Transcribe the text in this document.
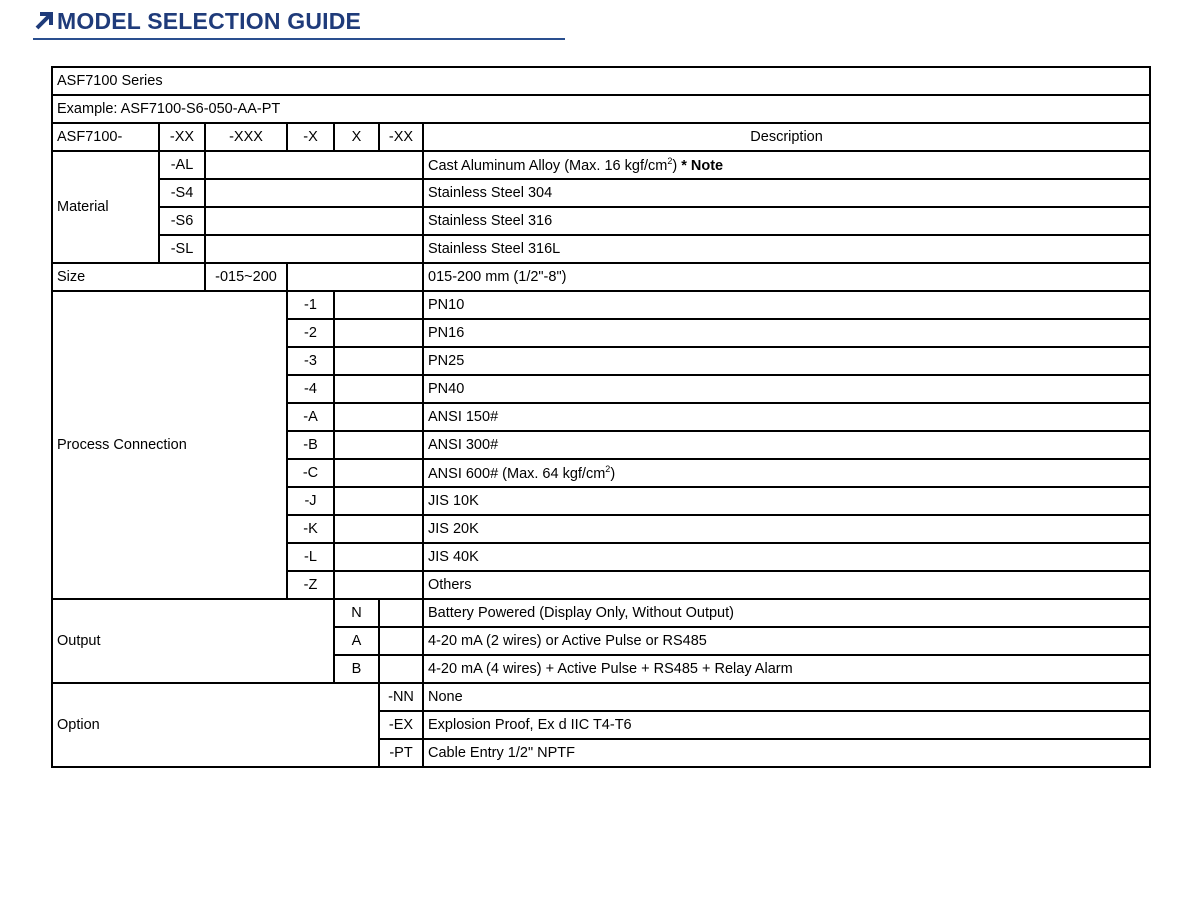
MODEL SELECTION GUIDE
ASF7100 Series						
Example: ASF7100-S6-050-AA-PT						
ASF7100-	-XX	-XXX	-X	X	-XX	Description
Material	-AL					Cast Aluminum Alloy (Max. 16 kgf/$cm^2$) * Note
	-S4					Stainless Steel 304
	-S6					Stainless Steel 316
	-SL					Stainless Steel 316L
Size		-015~200				015-200 mm (1/2"-8")
Process Connection			-1			PN10
			-2			PN16
			-3			PN25
			-4			PN40
			-A			ANSI 150#
			-B			ANSI 300#
			-C			ANSI 600# (Max. 64 kgf/$cm^2$)
			-J			JIS 10K
			-K			JIS 20K
			-L			JIS 40K
			-Z			Others
Output				N		Battery Powered (Display Only, Without Output)
				A		4-20 mA (2 wires) or Active Pulse or RS485
				B		4-20 mA (4 wires) + Active Pulse + RS485 + Relay Alarm
Option					-NN	None
					-EX	Explosion Proof, Ex d IIC T4-T6
					-PT	Cable Entry 1/2" NPTF
